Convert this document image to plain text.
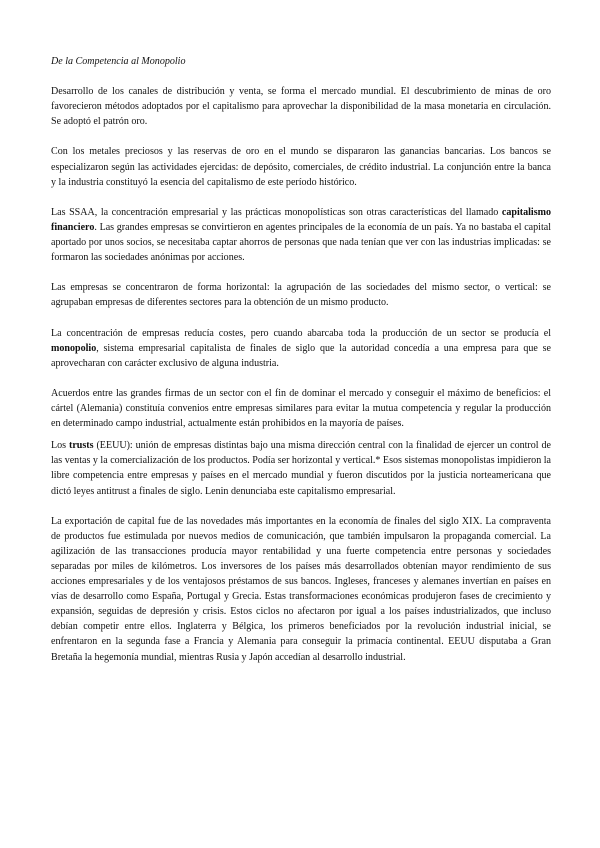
De la Competencia al Monopolio

Desarrollo de los canales de distribución y venta, se forma el mercado mundial. El descubrimiento de minas de oro favorecieron métodos adoptados por el capitalismo para aprovechar la disponibilidad de la masa monetaria en circulación. Se adoptó el patrón oro.

Con los metales preciosos y las reservas de oro en el mundo se dispararon las ganancias bancarias. Los bancos se especializaron según las actividades ejercidas: de depósito, comerciales, de crédito industrial. La conjunción entre la banca y la industria constituyó la esencia del capitalismo de este período histórico.

Las SSAA, la concentración empresarial y las prácticas monopolísticas son otras características del llamado capitalismo financiero. Las grandes empresas se convirtieron en agentes principales de la economía de un país. Ya no bastaba el capital aportado por unos socios, se necesitaba captar ahorros de personas que nada tenían que ver con las industrias implicadas: se formaron las sociedades anónimas por acciones.

Las empresas se concentraron de forma horizontal: la agrupación de las sociedades del mismo sector, o vertical: se agrupaban empresas de diferentes sectores para la obtención de un mismo producto.

La concentración de empresas reducía costes, pero cuando abarcaba toda la producción de un sector se producía el monopolio, sistema empresarial capitalista de finales de siglo que la autoridad concedía a una empresa para que se aprovecharan con carácter exclusivo de alguna industria.

Acuerdos entre las grandes firmas de un sector con el fin de dominar el mercado y conseguir el máximo de beneficios: el cártel (Alemania) constituía convenios entre empresas similares para evitar la mutua competencia y regular la producción en determinado campo industrial, actualmente están prohibidos en la mayoría de países.

Los trusts (EEUU): unión de empresas distintas bajo una misma dirección central con la finalidad de ejercer un control de las ventas y la comercialización de los productos. Podía ser horizontal y vertical.* Esos sistemas monopolistas impidieron la libre competencia entre empresas y países en el mercado mundial y fueron discutidos por la justicia norteamericana que dictó leyes antitrust a finales de siglo. Lenin denunciaba este capitalismo empresarial.

La exportación de capital fue de las novedades más importantes en la economía de finales del siglo XIX. La compraventa de productos fue estimulada por nuevos medios de comunicación, que también impulsaron la propaganda comercial. La agilización de las transacciones producía mayor rentabilidad y una fuerte competencia entre personas y sociedades separadas por miles de kilómetros. Los inversores de los países más desarrollados obtenían mayor rendimiento de sus acciones empresariales y de los ventajosos préstamos de sus bancos. Ingleses, franceses y alemanes invertían en países en vías de desarrollo como España, Portugal y Grecia. Estas transformaciones económicas produjeron fases de crecimiento y expansión, seguidas de depresión y crisis. Estos ciclos no afectaron por igual a los países industrializados, que incluso debían competir entre ellos. Inglaterra y Bélgica, los primeros beneficiados por la revolución industrial inicial, se enfrentaron en la segunda fase a Francia y Alemania para conseguir la primacía continental. EEUU disputaba a Gran Bretaña la hegemonía mundial, mientras Rusia y Japón accedían al desarrollo industrial.
